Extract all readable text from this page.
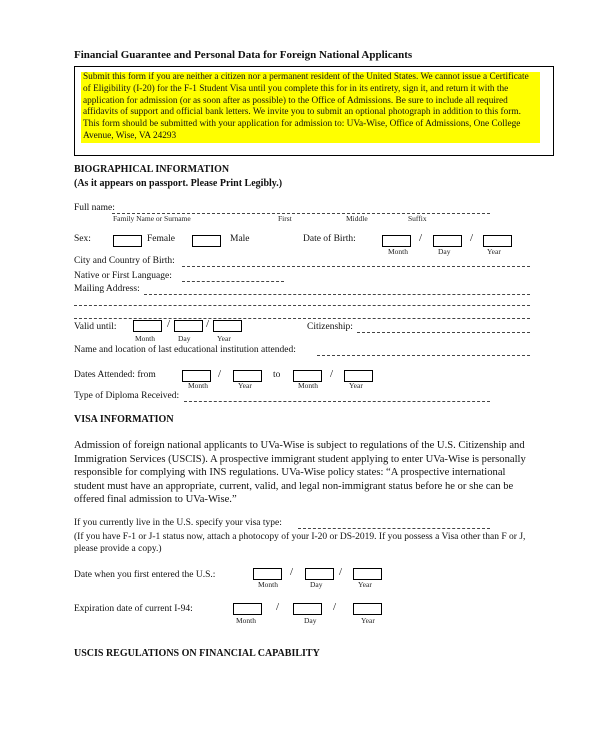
Financial Guarantee and Personal Data for Foreign National Applicants
Submit this form if you are neither a citizen nor a permanent resident of the United States. We cannot issue a Certificate of Eligibility (I-20) for the F-1 Student Visa until you complete this for in its entirety, sign it, and return it with the application for admission (or as soon after as possible) to the Office of Admissions. Be sure to include all required affidavits of support and official bank letters. We invite you to submit an optional photograph in addition to this form. This form should be submitted with your application for admission to: UVa-Wise, Office of Admissions, One College Avenue, Wise, VA 24293
BIOGRAPHICAL INFORMATION
(As it appears on passport. Please Print Legibly.)
Full name:
Family Name or Surname	First	Middle	Suffix
Sex:	Female	Male	Date of Birth:	/	/
Month	Day	Year
City and Country of Birth:
Native or First Language:
Mailing Address:
Valid until:	/	/
Month	Day	Year
Citizenship:
Name and location of last educational institution attended:
Dates Attended: from	/
Month	Year
to	/
Month	Year
Type of Diploma Received:
VISA INFORMATION
Admission of foreign national applicants to UVa-Wise is subject to regulations of the U.S. Citizenship and Immigration Services (USCIS). A prospective immigrant student applying to enter UVa-Wise is personally responsible for complying with INS regulations. UVa-Wise policy states: “A prospective international student must have an appropriate, current, valid, and legal non-immigrant status before he or she can be offered final admission to UVa-Wise.”
If you currently live in the U.S. specify your visa type:
(If you have F-1 or J-1 status now, attach a photocopy of your I-20 or DS-2019. If you possess a Visa other than F or J, please provide a copy.)
Date when you first entered the U.S.:	/	/
Month	Day	Year
Expiration date of current I-94:	/	/
Month	Day	Year
USCIS REGULATIONS ON FINANCIAL CAPABILITY
